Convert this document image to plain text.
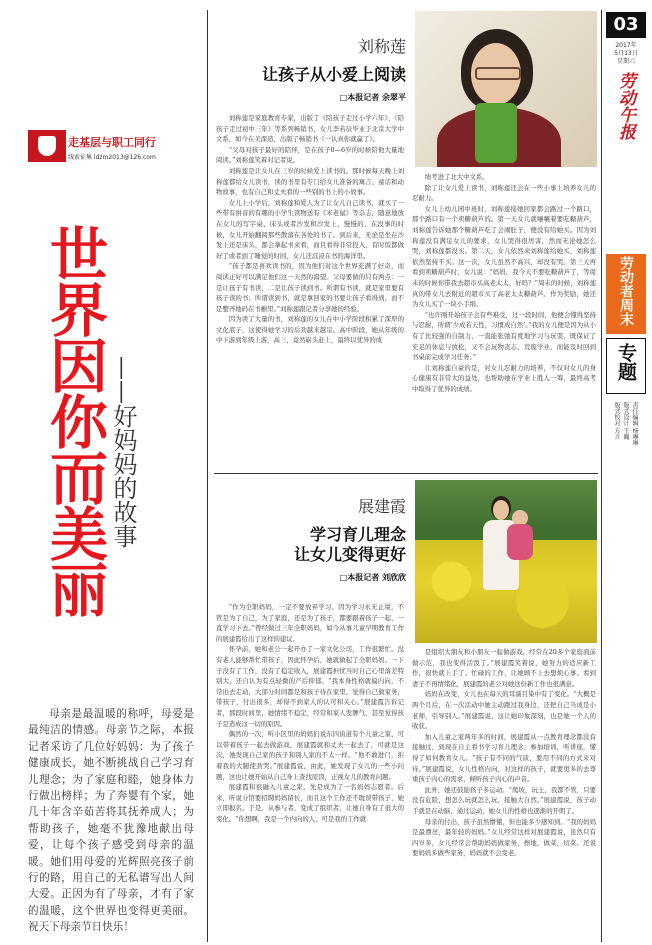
走基层与职工同行
线索征集 ldzm2013@126.com
世界因你而美丽 ——好妈妈的故事
母亲是最温暖的称呼，母爱是最纯洁的情感。母亲节之际，本报记者采访了几位好妈妈：为了孩子健康成长，她不断挑战自己学习育儿理念；为了家庭和睦，她身体力行做出榜样；为了奔婴有个家，她几十年含辛茹苦将其抚养成人；为帮助孩子，她毫不犹豫地献出母爱，让每个孩子感受到母亲的温暖。她们用母爱的光辉照亮孩子前行的路，用自己的无私谱写出人间大爱。正因为有了母亲，才有了家的温暖，这个世界也变得更美丽。祝天下母亲节日快乐！
刘称莲
让孩子从小爱上阅读
□本报记者 余翠平

刘称莲是家庭教育专家，出版了《陪孩子走过小学六年》、《陪孩子走过初中三年》等系列畅销书，女儿李若辰毕业于北京大学中文系，如今在美深造，出版了畅销书《一认真你就赢了》。

“父母对孩子最好的陪伴，是在孩子0—6岁的时候陪他大量地阅读。”刘称莲笑着对记者说。

刘称莲是让女儿在三岁的时候爱上读书的。那时候每天晚上刘称莲都给女儿读书，读的书里有专门给女儿准备的寓言、童话和动物故事，也有自己和丈夫看的一些别的书上的小故事。

女儿上小学后，刘称莲和爱人为了让女儿自己读书，就买了一些带有拼音的有趣的小学生读物送有《米老鼠》等杂志，随意地放在女儿的写字桌、床头或者沙发和沙发上，慢慢的，在没事的时候，女儿开始翻阅那些散落在各处的书了。到后来，无论是坐在沙发上还是床头，都会拿起书来看，而且看得非常投入，有时饭都做好了或者到了睡觉的时间，女儿还沉浸在书的海洋里。

“孩子都是喜欢读书的，因为他们对这个世界充满了好奇，而阅读正好可以满足他们这一天然的渴望。父母要做的只有两点：一是让孩子有书读，二是让孩子读到书。所谓有书读，就是家里要有孩子读的书；所谓读到书，就是拿回家的书要让孩子看得到，而不是整齐地码在书橱里。”刘称莲跟记者分享她的经验。

因为读了大量的书，刘称莲的女儿在中小学阶段积累了深厚的文化底子，这使得她学习的后劲越来越足。高中阶段，她从年级的中下游到年级上游，高三，竟然崭头赶上，最终以优异的成

绩考进了北大中文系。

除了让女儿爱上读书，刘称莲还会在一些小事上培养女儿的忍耐力。

女儿上幼儿园中班时，刘称莲接她回家都会路过一个路口，那个路口有一个卖糖葫芦的。第一天女儿就嚷嚷着要吃糖葫芦，刘称莲告诉她那个糖葫芦吃了会闹肚子，便没有给她买。因为刘称莲没有满足女儿的要求，女儿哭得很厉害，然而无论她怎么哭，刘称莲都没买。第二天，女儿依然来刘称莲给她买，刘称莲依然坚持不买。这一次，女儿虽然不高兴，却没有哭。第三天再看到卖糖葫芦时，女儿说：“妈妈，我今天不要吃糖葫芦了，等周末的时候你带我去超市买高老太太，好吗？”周末的时候，刘称莲真的带女儿去附近的超市买了高老太太糖葫芦。作为奖励，她还为女儿买了一块小手绢。

“也许刚开始孩子会有些难受，过一段时间，他便会懂得坚持与忍耐，所谓‘少成若天性，习惯成自然’。”我的女儿便是因为从小有了比较强的自制力，一直能张弛有度地学习与玩耍，既保证了充足的休息与放松，又不会玩物丧志，荒废学业，而能及时回到书桌前完成学习任务。”

让刘称莲自豪的是，对女儿忍耐力的培养，不仅对女儿的身心健康有非常大的益处，也帮助她在学业上胜人一筹，最终高考中取得了优异的成绩。

展建霞
学习育儿理念
让女儿变得更好
□本报记者 刘欣欣

“作为全职妈妈，一定不要放弃学习。因为学习永无止境，不管是为了自己，为了家庭，还是为了孩子，都要跟着孩子一起，一直学习下去。”曾经做过三年全职妈妈，如今从事儿童早期教育工作的展建霞给出了这样的建议。

怀孕前，她和老公一起开办了一家文化公司，工作很繁忙。没有老人能够帮忙带孩子，因此怀孕后，她就做起了全职妈妈。一下子没有了工作，没有了稳定收入，展建霞担忧当时自己心里落差特别大，还自认为有点轻微的产后抑郁。“我本身性格就偏内向，不常出去走动，大部分时间都是和孩子待在家里。觉得自己做家务，带孩子，付出很多，却得不到家人的认可和关心。”展建霞告诉记者，那段时间里，她情绪不稳定，经常和家人发脾气，甚至觉得孩子是造成这一切的原因。

偶然的一次，听小区里的妈妈们说东四街道有个儿童之家，可以带着孩子一起去做游戏，展建霞就和丈夫一起去了，可就是这次，她发现自己家的孩子和别人家的不太一样。“他不敢进门，拒着我的大腿使劲哭。”展建霞说，由此，她发现了女儿的一些小问题，这也让她开始从自己身上查找原因，正视女儿的教育问题。

展建霞和很融入儿童之家，先是成为了一名妈妈志愿者。后来，听说分馆要招聘妈妈留长，而且这个工作还不耽误带孩子，她立即报名。于是，从参与者，变成了组织者，让她自身有了很大的变化。“你想啊，我是一个内向的人，可是我的工作就

是组织大朋友和小朋友一起做游戏。经常在20多个家庭面前做示范，我也变得活泼了。”展建霞笑着说，她努力的适应新工作，很快就上手了。忙碌的工作，让她顾不上去想烦心事。看到妻子不再情绪化，展建霞的老公对她这份新工作也很满意。

妈妈在改变，女儿也在每天的耳濡目染中有了变化。“大概是两个月后，在一次活动中她主动跑过我身边，还把自己当成是小老师，引导别人。”展建霞说，这让她印象深刻，也是她一个人的收获。

加入儿童之家两年多的时间，展建霞从一点教育理念都没有接触过，到现在自主看书学习育儿理念，参加培训，听讲座，懂得了如何教育女儿。“孩子有不同的气质，要用不同的方式来对待。”展建霞说，女儿性格内向，对这样的孩子，就要更多的去尊重孩子内心的需求，倾听孩子内心的声音。

此外，她还鼓励孩子多运动。“爬坡，玩土，我都不管，只要没有危险，想怎么玩就怎么玩，接触大自然。”展建霞说，孩子动手就是在动脑，通过运动，她女儿的性格也逐渐的开朗了。

母亲的付出，孩子虽然懵懂，但也能多少感知到。“我的妈妈是最漂亮，最年轻的妈妈。”女儿经常这样对展建霞说，虽然只有四岁多，女儿经常会帮助妈妈做家务，擦地，做菜，切菜。还说要妈妈多做些家务，妈妈就不会变老。

03
2017年
5月13日
星期六
劳动午报
劳动者周末
专题
责任编辑 杨琳琳
版式设计 王巍
版式校对 方言
